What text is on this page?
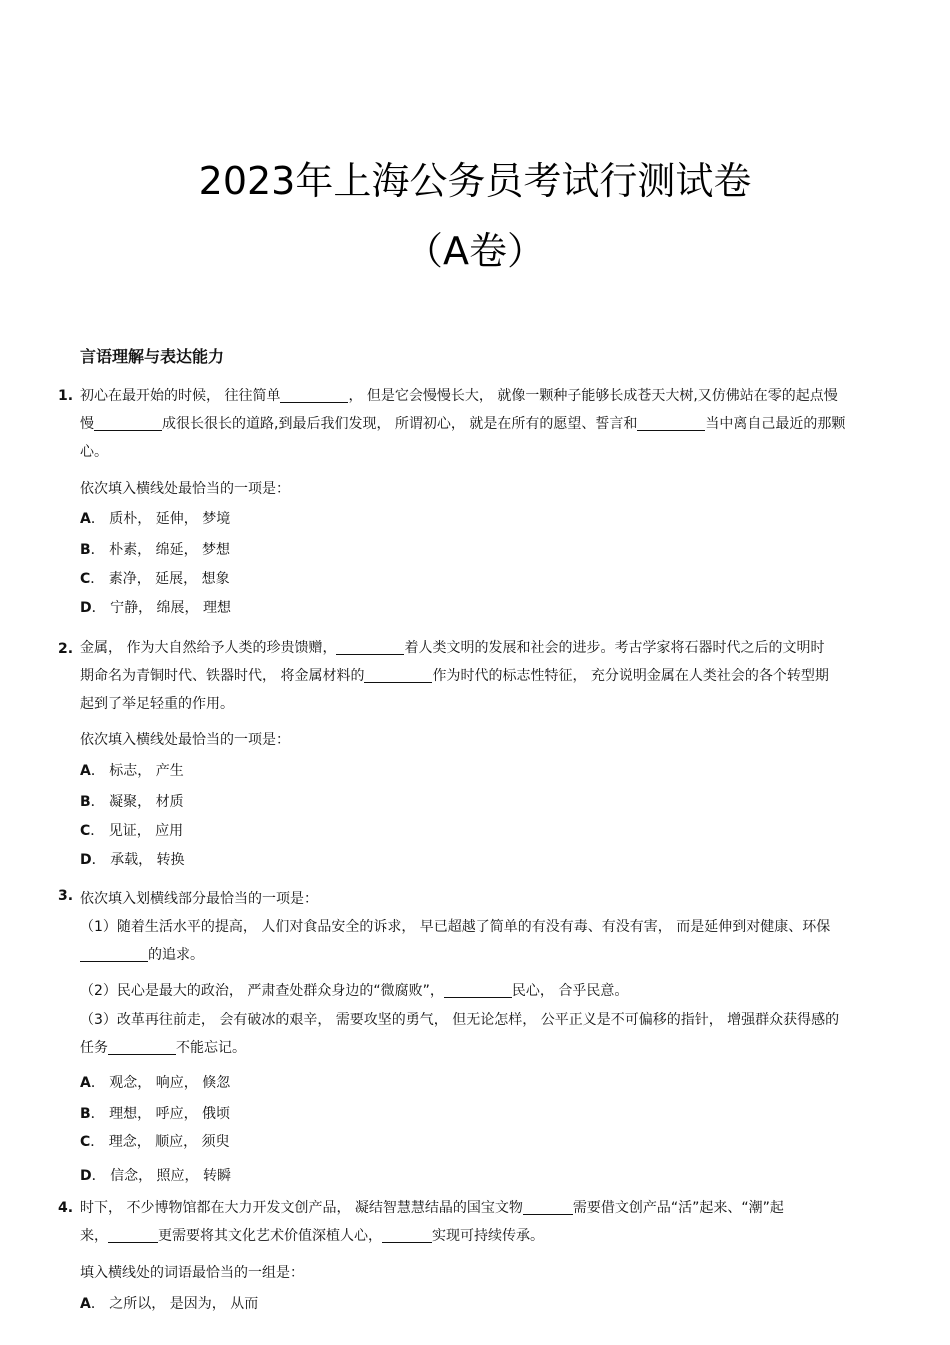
2023年上海公务员考试行测试卷
（A卷）
言语理解与表达能力
1. 初心在最开始的时候， 往往简单	， 但是它会慢慢长大， 就像一颗种子能够长成苍天大树,又仿佛站在零的起点慢
慢	成很长很长的道路,到最后我们发现， 所谓初心， 就是在所有的愿望、誓言和	当中离自己最近的那颗
心。
依次填入横线处最恰当的一项是：
A． 质朴， 延伸， 梦境
B． 朴素， 绵延， 梦想
C． 素净， 延展， 想象
D． 宁静， 绵展， 理想
2. 金属， 作为大自然给予人类的珍贵馈赠，	着人类文明的发展和社会的进步。考古学家将石器时代之后的文明时
期命名为青铜时代、铁器时代， 将金属材料的	作为时代的标志性特征， 充分说明金属在人类社会的各个转型期
起到了举足轻重的作用。
依次填入横线处最恰当的一项是：
A． 标志， 产生
B． 凝聚， 材质
C． 见证， 应用
D． 承载， 转换
3. 依次填入划横线部分最恰当的一项是：
（1）随着生活水平的提高， 人们对食品安全的诉求， 早已超越了简单的有没有毒、有没有害， 而是延伸到对健康、环保
的追求。
（2）民心是最大的政治， 严肃查处群众身边的“微腐败”，	民心， 合乎民意。
（3）改革再往前走， 会有破冰的艰辛， 需要攻坚的勇气， 但无论怎样， 公平正义是不可偏移的指针， 增强群众获得感的
任务	不能忘记。
A． 观念， 响应， 倏忽
B． 理想， 呼应， 俄顷
C． 理念， 顺应， 须臾
D． 信念， 照应， 转瞬
4. 时下， 不少博物馆都在大力开发文创产品， 凝结智慧慧结晶的国宝文物	需要借文创产品“活”起来、“潮”起
来，	更需要将其文化艺术价值深植人心，	实现可持续传承。
填入横线处的词语最恰当的一组是：
A． 之所以， 是因为， 从而
